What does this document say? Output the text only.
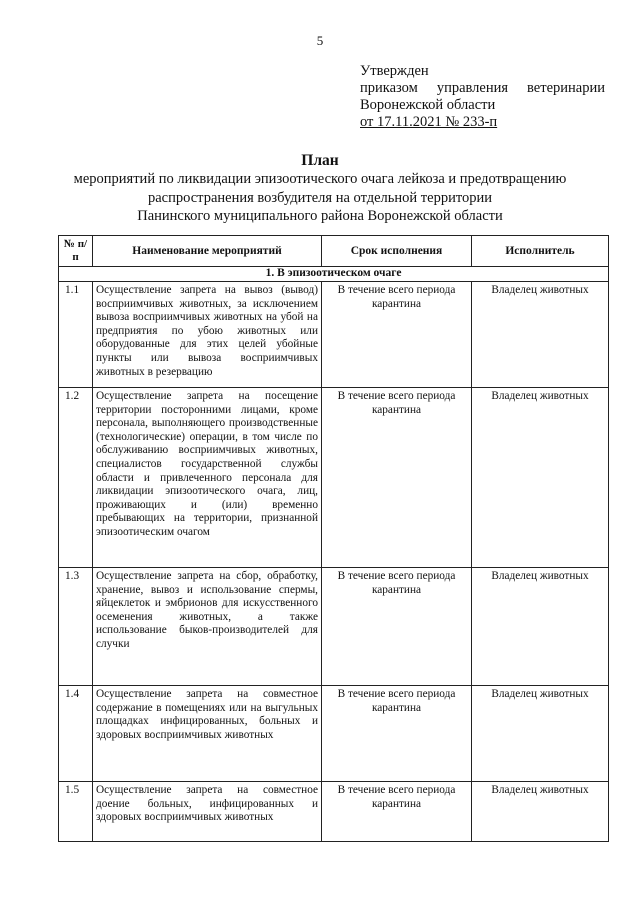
5
Утвержден
приказом управления ветеринарии
Воронежской области
от 17.11.2021 № 233-п
План
мероприятий по ликвидации эпизоотического очага лейкоза и предотвращению
распространения возбудителя на отдельной территории
Панинского муниципального района Воронежской области
№ п/п	Наименование мероприятий	Срок исполнения	Исполнитель
1. В эпизоотическом очаге			
1.1	Осуществление запрета на вывоз (вывод) восприимчивых животных, за исключением вывоза восприимчивых животных на убой на предприятия по убою животных или оборудованные для этих целей убойные пункты или вывоза восприимчивых животных в резервацию	В течение всего периода карантина	Владелец животных
1.2	Осуществление запрета на посещение территории посторонними лицами, кроме персонала, выполняющего производственные (технологические) операции, в том числе по обслуживанию восприимчивых животных, специалистов государственной службы области и привлеченного персонала для ликвидации эпизоотического очага, лиц, проживающих и (или) временно пребывающих на территории, признанной эпизоотическим очагом	В течение всего периода карантина	Владелец животных
1.3	Осуществление запрета на сбор, обработку, хранение, вывоз и использование спермы, яйцеклеток и эмбрионов для искусственного осеменения животных, а также использование быков-производителей для случки	В течение всего периода карантина	Владелец животных
1.4	Осуществление запрета на совместное содержание в помещениях или на выгульных площадках инфицированных, больных и здоровых восприимчивых животных	В течение всего периода карантина	Владелец животных
1.5	Осуществление запрета на совместное доение больных, инфицированных и здоровых восприимчивых животных	В течение всего периода карантина	Владелец животных
